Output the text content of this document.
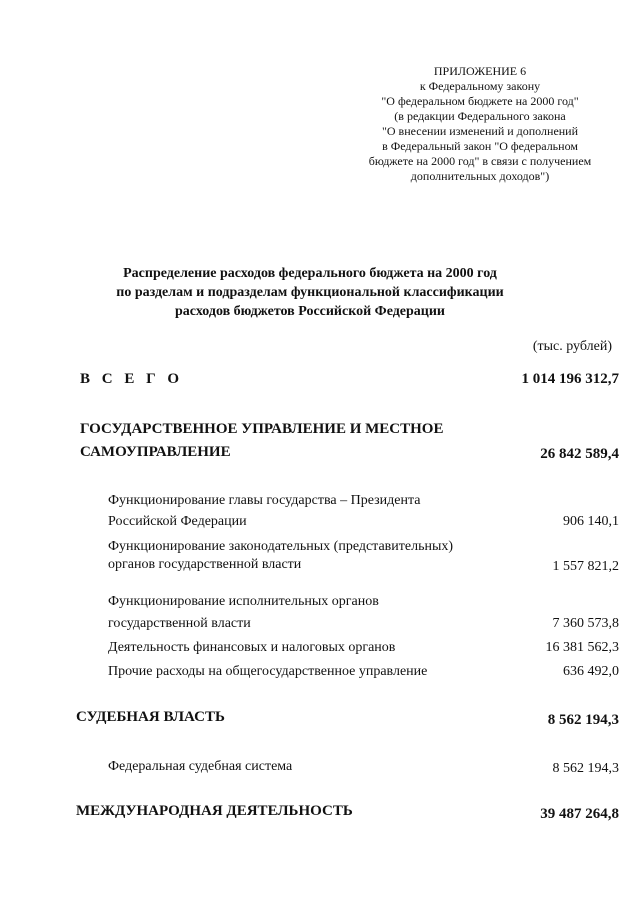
ПРИЛОЖЕНИЕ 6
к Федеральному закону
"О федеральном бюджете на 2000 год"
(в редакции Федерального закона
"О внесении изменений и дополнений
в Федеральный закон "О федеральном
бюджете на 2000 год" в связи с получением
дополнительных доходов")
Распределение расходов федерального бюджета на 2000 год
по разделам и подразделам функциональной классификации
расходов бюджетов Российской Федерации
(тыс. рублей)
В С Е Г О	1 014 196 312,7
ГОСУДАРСТВЕННОЕ УПРАВЛЕНИЕ И МЕСТНОЕ
САМОУПРАВЛЕНИЕ	26 842 589,4
Функционирование главы государства – Президента
Российской Федерации	906 140,1
Функционирование законодательных (представительных)
органов государственной власти	1 557 821,2
Функционирование исполнительных органов
государственной власти	7 360 573,8
Деятельность финансовых и налоговых органов	16 381 562,3
Прочие расходы на общегосударственное управление	636 492,0
СУДЕБНАЯ ВЛАСТЬ	8 562 194,3
Федеральная судебная система	8 562 194,3
МЕЖДУНАРОДНАЯ ДЕЯТЕЛЬНОСТЬ	39 487 264,8
